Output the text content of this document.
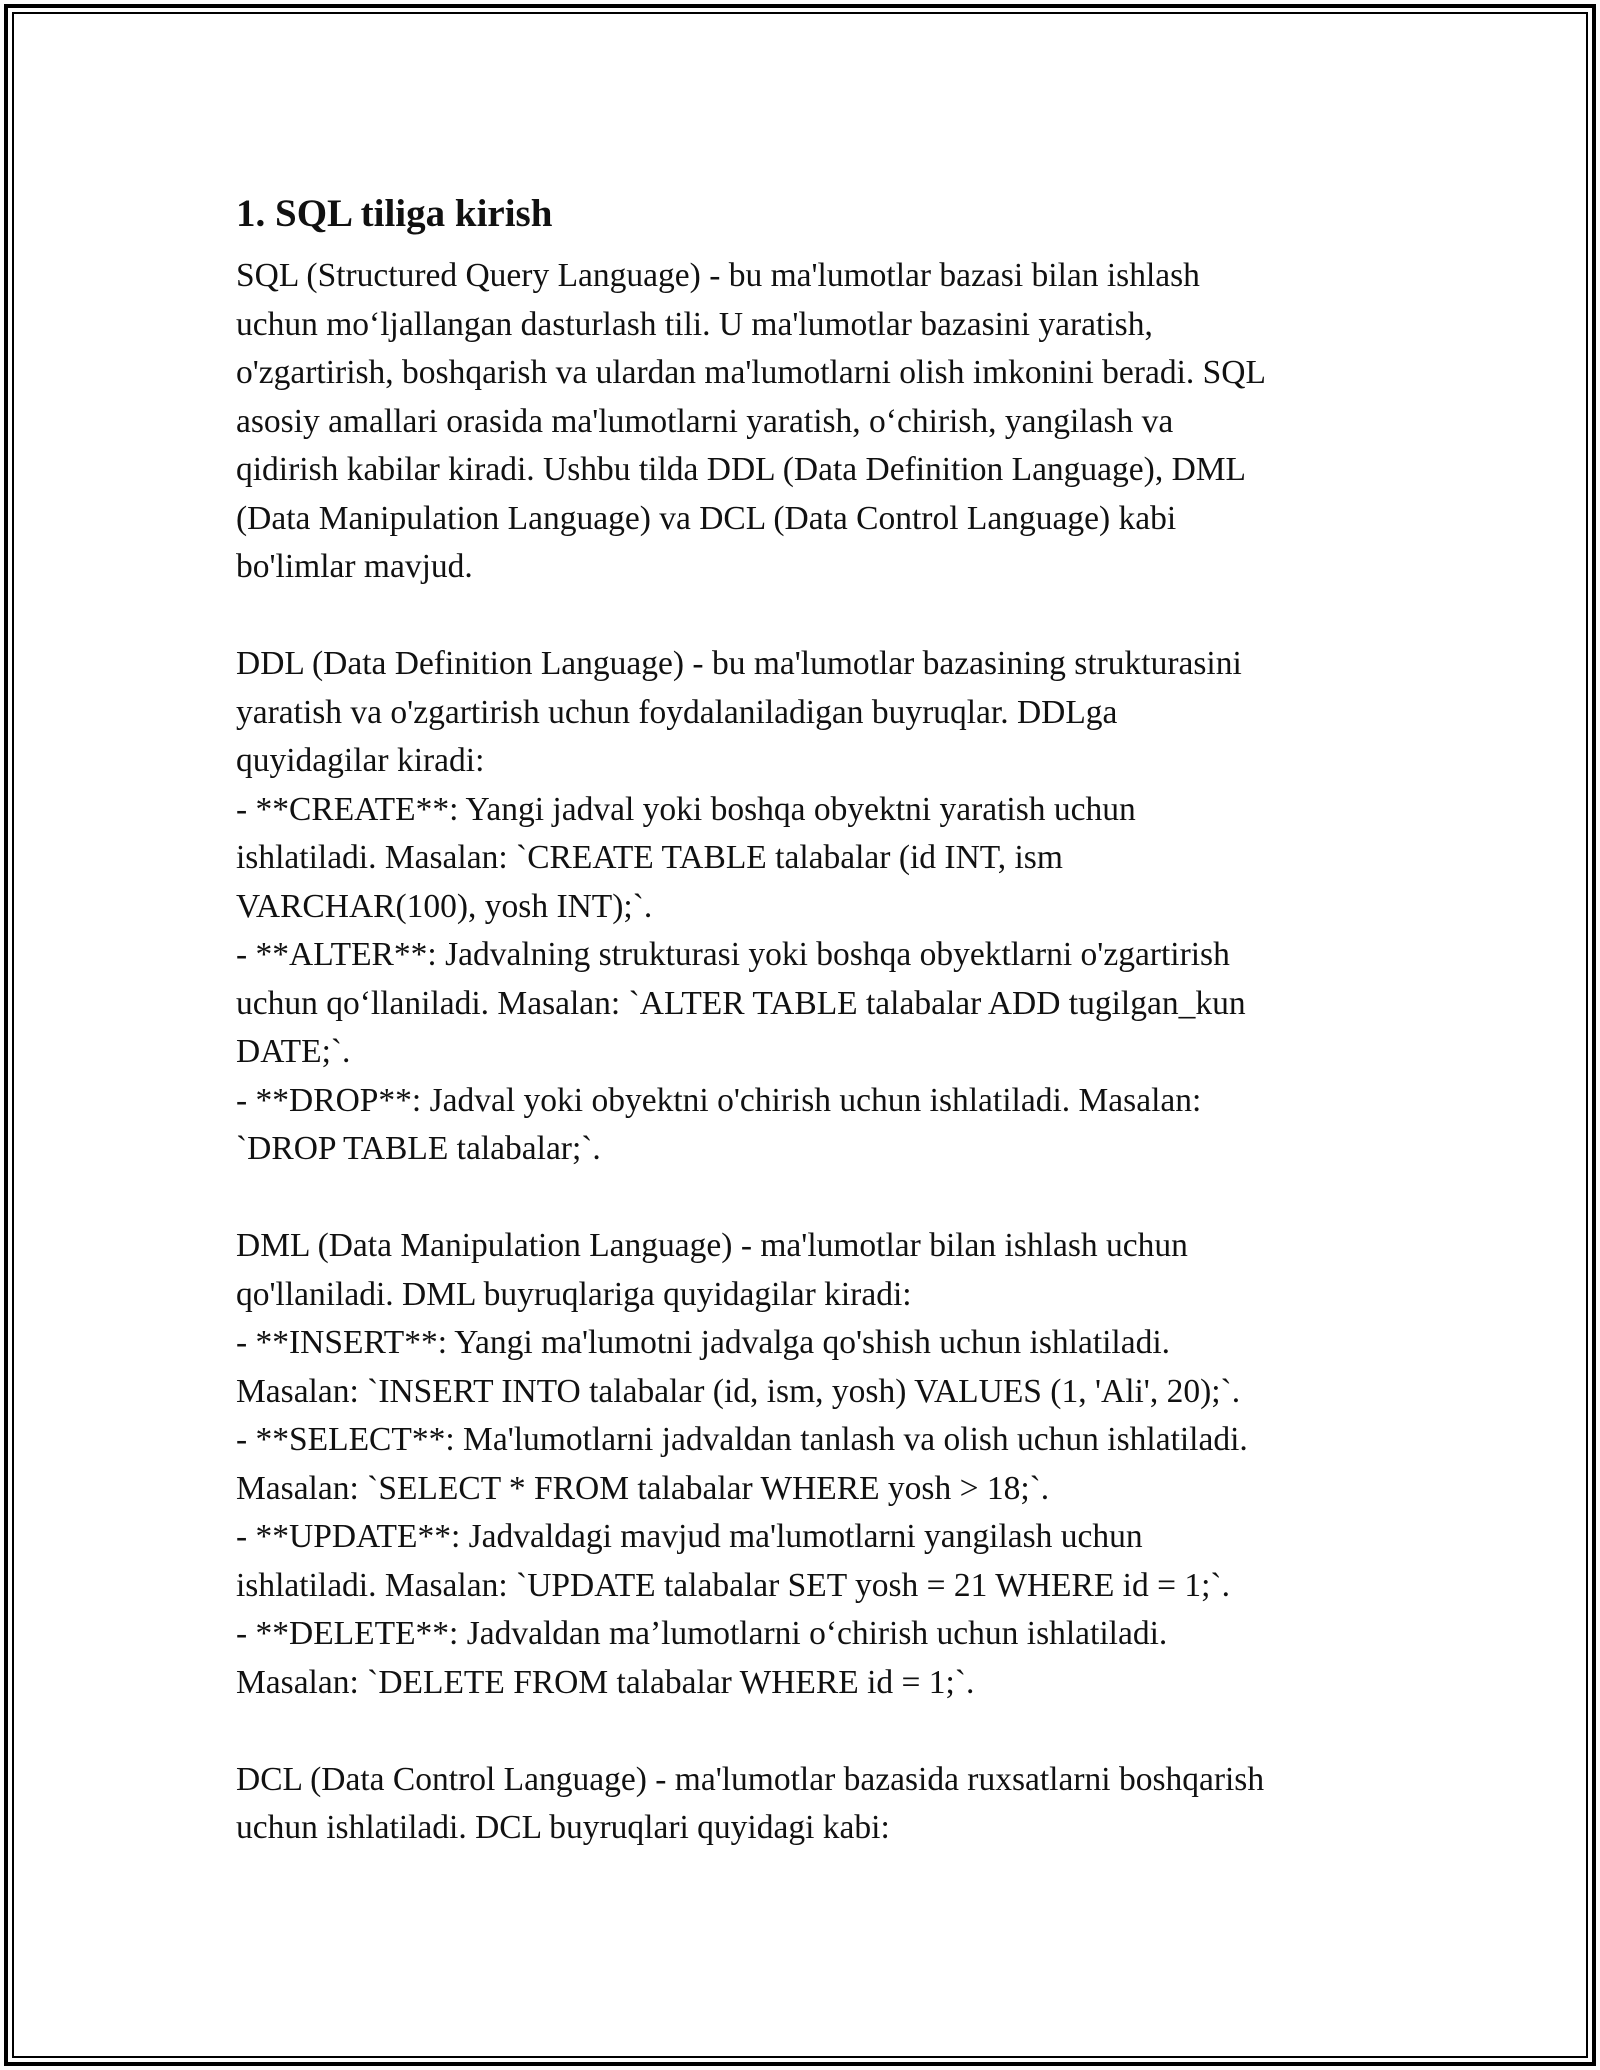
1. SQL tiliga kirish
SQL (Structured Query Language) - bu ma'lumotlar bazasi bilan ishlash
uchun mo‘ljallangan dasturlash tili. U ma'lumotlar bazasini yaratish,
o'zgartirish, boshqarish va ulardan ma'lumotlarni olish imkonini beradi. SQL
asosiy amallari orasida ma'lumotlarni yaratish, o‘chirish, yangilash va
qidirish kabilar kiradi. Ushbu tilda DDL (Data Definition Language), DML
(Data Manipulation Language) va DCL (Data Control Language) kabi
bo'limlar mavjud.
DDL (Data Definition Language) - bu ma'lumotlar bazasining strukturasini
yaratish va o'zgartirish uchun foydalaniladigan buyruqlar. DDLga
quyidagilar kiradi:
- **CREATE**: Yangi jadval yoki boshqa obyektni yaratish uchun
ishlatiladi. Masalan: `CREATE TABLE talabalar (id INT, ism
VARCHAR(100), yosh INT);`.
- **ALTER**: Jadvalning strukturasi yoki boshqa obyektlarni o'zgartirish
uchun qo‘llaniladi. Masalan: `ALTER TABLE talabalar ADD tugilgan_kun
DATE;`.
- **DROP**: Jadval yoki obyektni o'chirish uchun ishlatiladi. Masalan:
`DROP TABLE talabalar;`.
DML (Data Manipulation Language) - ma'lumotlar bilan ishlash uchun
qo'llaniladi. DML buyruqlariga quyidagilar kiradi:
- **INSERT**: Yangi ma'lumotni jadvalga qo'shish uchun ishlatiladi.
Masalan: `INSERT INTO talabalar (id, ism, yosh) VALUES (1, 'Ali', 20);`.
- **SELECT**: Ma'lumotlarni jadvaldan tanlash va olish uchun ishlatiladi.
Masalan: `SELECT * FROM talabalar WHERE yosh > 18;`.
- **UPDATE**: Jadvaldagi mavjud ma'lumotlarni yangilash uchun
ishlatiladi. Masalan: `UPDATE talabalar SET yosh = 21 WHERE id = 1;`.
- **DELETE**: Jadvaldan ma’lumotlarni o‘chirish uchun ishlatiladi.
Masalan: `DELETE FROM talabalar WHERE id = 1;`.
DCL (Data Control Language) - ma'lumotlar bazasida ruxsatlarni boshqarish
uchun ishlatiladi. DCL buyruqlari quyidagi kabi:
